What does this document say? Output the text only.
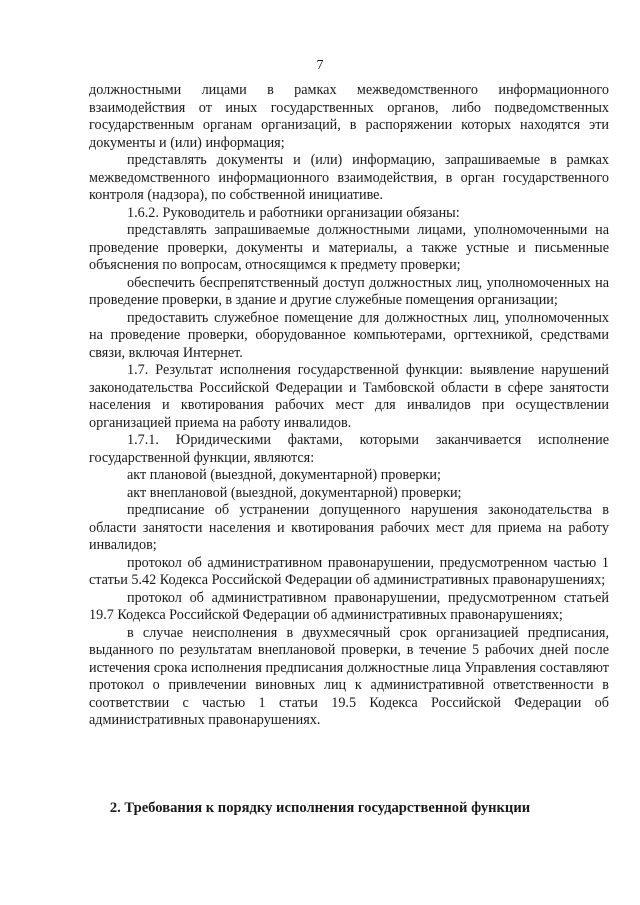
7

должностными лицами в рамках межведомственного информационного взаимодействия от иных государственных органов, либо подведомственных государственным органам организаций, в распоряжении которых находятся эти документы и (или) информация;

представлять документы и (или) информацию, запрашиваемые в рамках межведомственного информационного взаимодействия, в орган государственного контроля (надзора), по собственной инициативе.

1.6.2. Руководитель и работники организации обязаны:

представлять запрашиваемые должностными лицами, уполномоченными на проведение проверки, документы и материалы, а также устные и письменные объяснения по вопросам, относящимся к предмету проверки;

обеспечить беспрепятственный доступ должностных лиц, уполномоченных на проведение проверки, в здание и другие служебные помещения организации;

предоставить служебное помещение для должностных лиц, уполномоченных на проведение проверки, оборудованное компьютерами, оргтехникой, средствами связи, включая Интернет.

1.7. Результат исполнения государственной функции: выявление нарушений законодательства Российской Федерации и Тамбовской области в сфере занятости населения и квотирования рабочих мест для инвалидов при осуществлении организацией приема на работу инвалидов.

1.7.1. Юридическими фактами, которыми заканчивается исполнение государственной функции, являются:

акт плановой (выездной, документарной) проверки;

акт внеплановой (выездной, документарной) проверки;

предписание об устранении допущенного нарушения законодательства в области занятости населения и квотирования рабочих мест для приема на работу инвалидов;

протокол об административном правонарушении, предусмотренном частью 1 статьи 5.42 Кодекса Российской Федерации об административных правонарушениях;

протокол об административном правонарушении, предусмотренном статьей 19.7 Кодекса Российской Федерации об административных правонарушениях;

в случае неисполнения в двухмесячный срок организацией предписания, выданного по результатам внеплановой проверки, в течение 5 рабочих дней после истечения срока исполнения предписания должностные лица Управления составляют протокол о привлечении виновных лиц к административной ответственности в соответствии с частью 1 статьи 19.5 Кодекса Российской Федерации об административных правонарушениях.

2. Требования к порядку исполнения государственной функции
